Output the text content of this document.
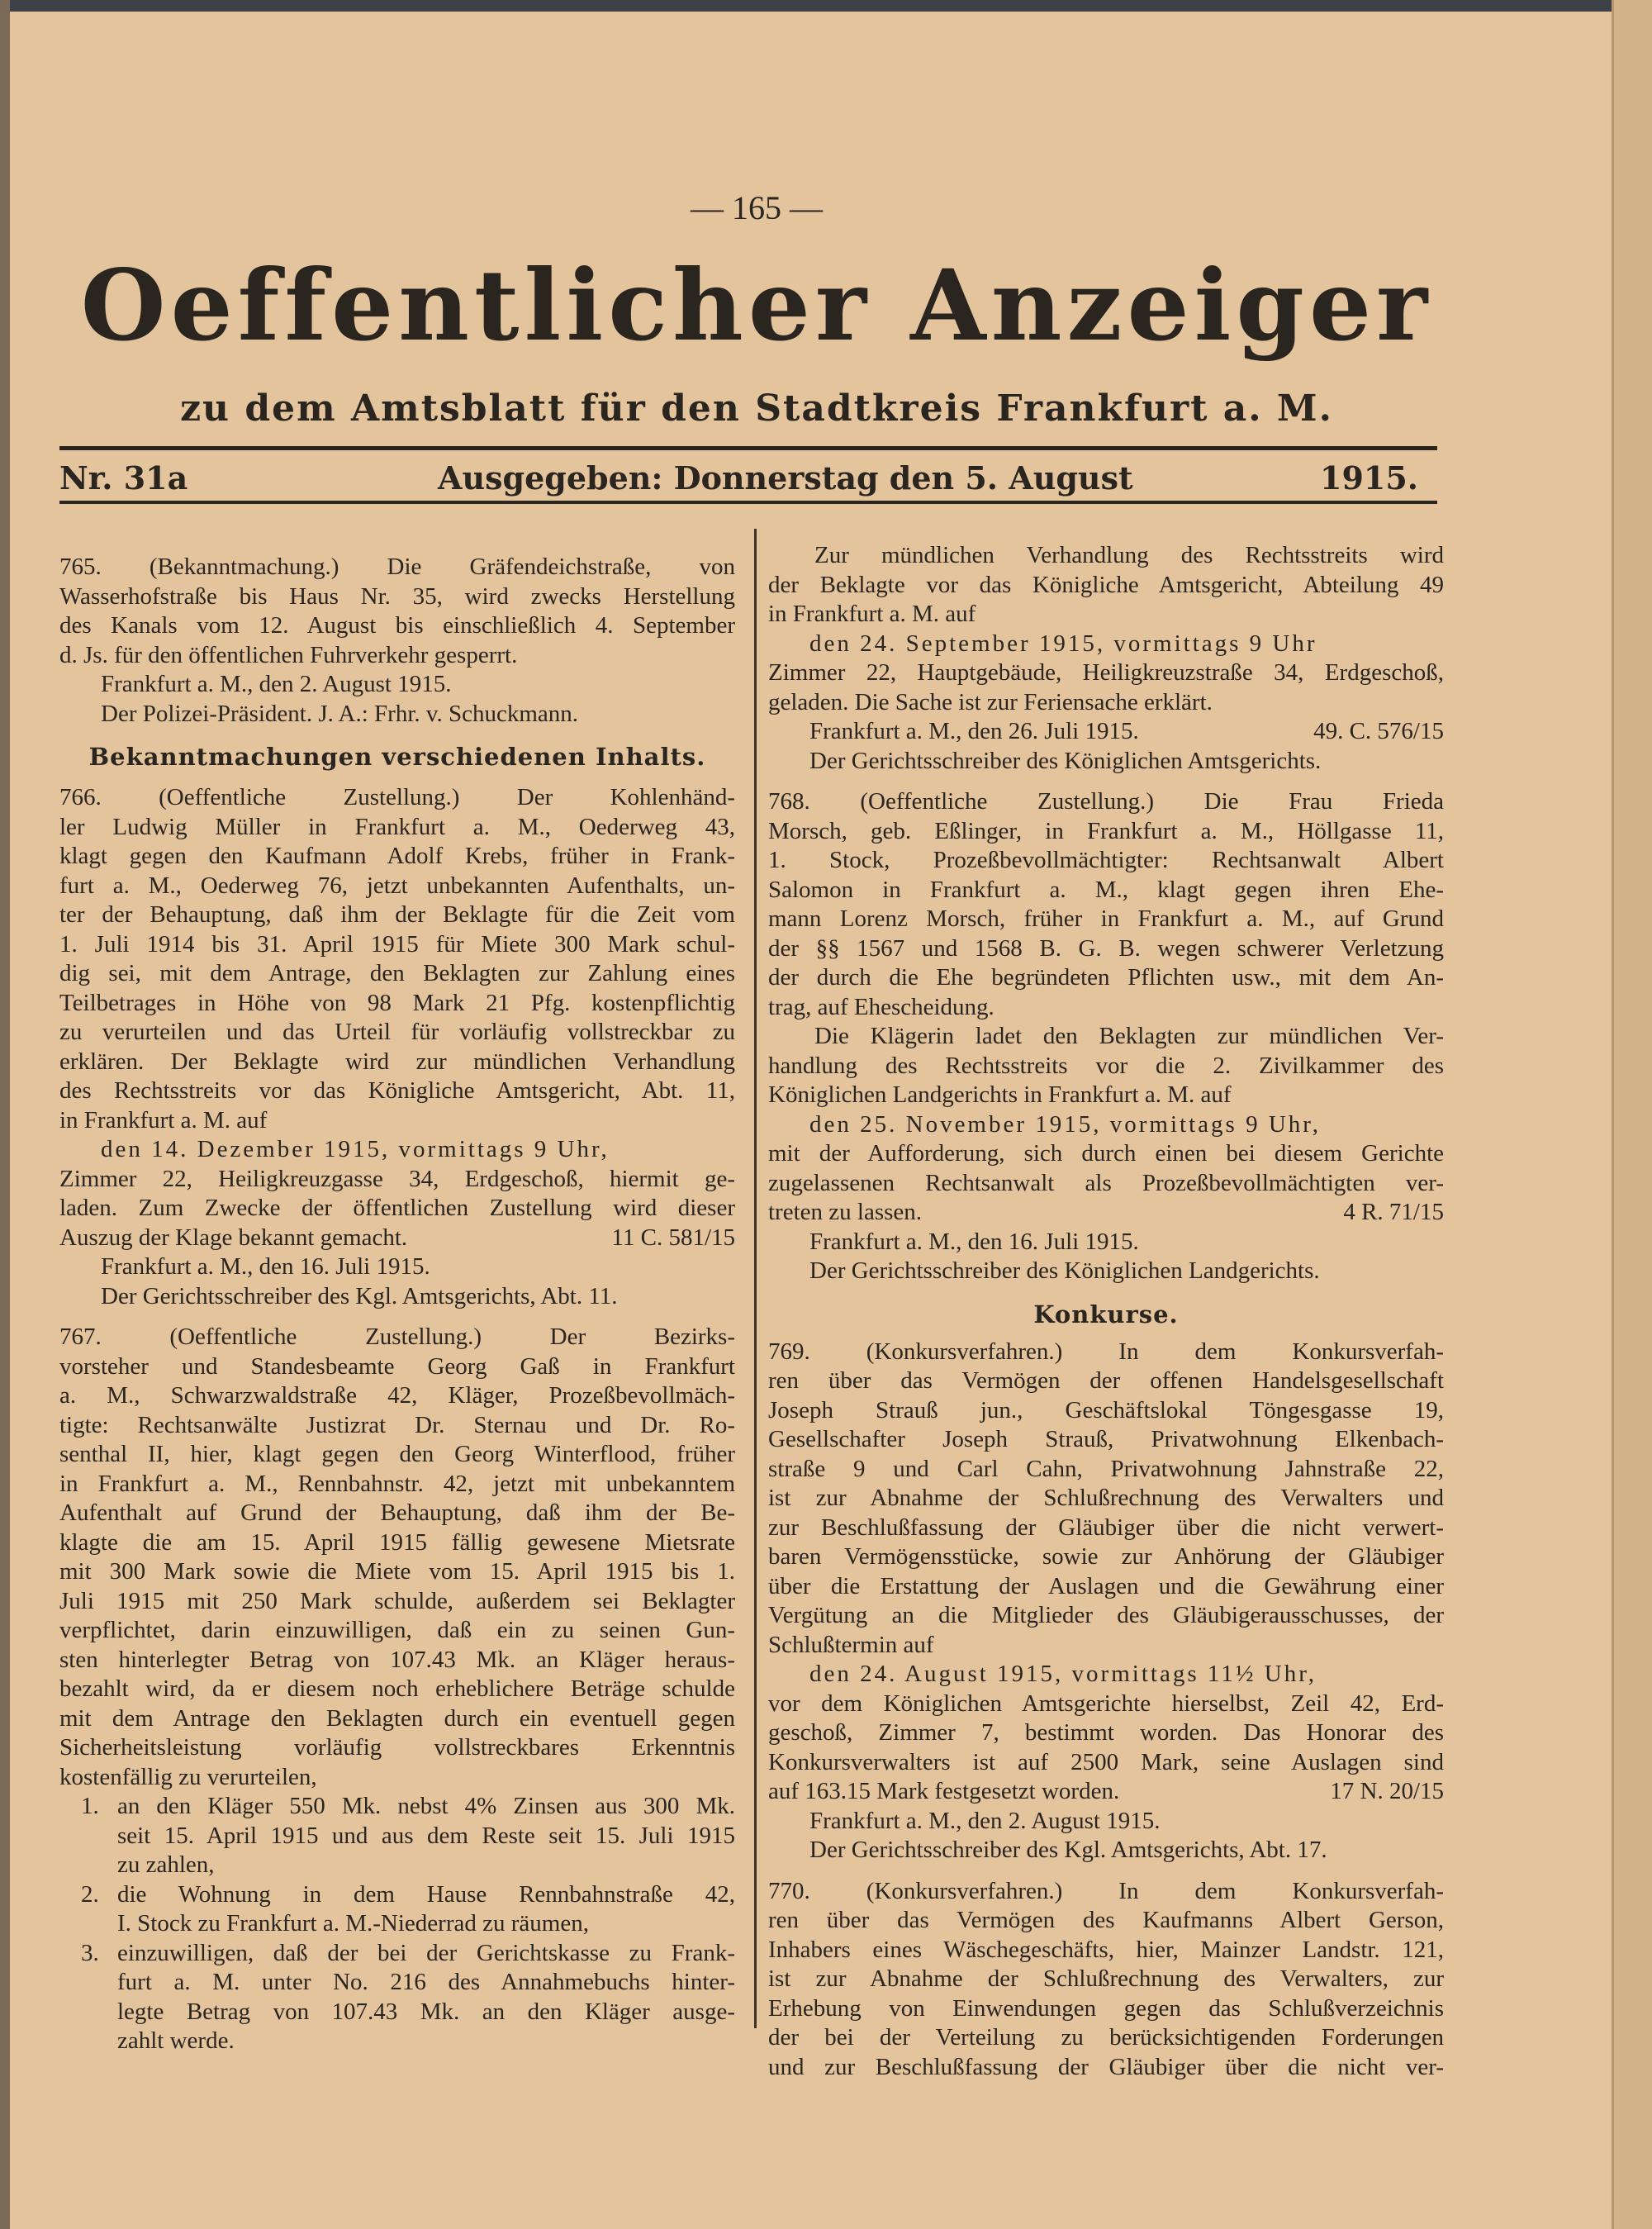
— 165 —
Oeffentlicher Anzeiger
zu dem Amtsblatt für den Stadtkreis Frankfurt a. M.
Nr. 31a	Ausgegeben: Donnerstag den 5. August	1915.
765. (Bekanntmachung.) Die Gräfendeichstraße, von
Wasserhofstraße bis Haus Nr. 35, wird zwecks Herstellung
des Kanals vom 12. August bis einschließlich 4. September
d. Js. für den öffentlichen Fuhrverkehr gesperrt.
Frankfurt a. M., den 2. August 1915.
Der Polizei-Präsident. J. A.: Frhr. v. Schuckmann.
Bekanntmachungen verschiedenen Inhalts.
766. (Oeffentliche Zustellung.) Der Kohlenhänd-
ler Ludwig Müller in Frankfurt a. M., Oederweg 43,
klagt gegen den Kaufmann Adolf Krebs, früher in Frank-
furt a. M., Oederweg 76, jetzt unbekannten Aufenthalts, un-
ter der Behauptung, daß ihm der Beklagte für die Zeit vom
1. Juli 1914 bis 31. April 1915 für Miete 300 Mark schul-
dig sei, mit dem Antrage, den Beklagten zur Zahlung eines
Teilbetrages in Höhe von 98 Mark 21 Pfg. kostenpflichtig
zu verurteilen und das Urteil für vorläufig vollstreckbar zu
erklären. Der Beklagte wird zur mündlichen Verhandlung
des Rechtsstreits vor das Königliche Amtsgericht, Abt. 11,
in Frankfurt a. M. auf
den 14. Dezember 1915, vormittags 9 Uhr,
Zimmer 22, Heiligkreuzgasse 34, Erdgeschoß, hiermit ge-
laden. Zum Zwecke der öffentlichen Zustellung wird dieser
11 C. 581/15
Auszug der Klage bekannt gemacht.
Frankfurt a. M., den 16. Juli 1915.
Der Gerichtsschreiber des Kgl. Amtsgerichts, Abt. 11.
767. (Oeffentliche Zustellung.) Der Bezirks-
vorsteher und Standesbeamte Georg Gaß in Frankfurt
a. M., Schwarzwaldstraße 42, Kläger, Prozeßbevollmäch-
tigte: Rechtsanwälte Justizrat Dr. Sternau und Dr. Ro-
senthal II, hier, klagt gegen den Georg Winterflood, früher
in Frankfurt a. M., Rennbahnstr. 42, jetzt mit unbekanntem
Aufenthalt auf Grund der Behauptung, daß ihm der Be-
klagte die am 15. April 1915 fällig gewesene Mietsrate
mit 300 Mark sowie die Miete vom 15. April 1915 bis 1.
Juli 1915 mit 250 Mark schulde, außerdem sei Beklagter
verpflichtet, darin einzuwilligen, daß ein zu seinen Gun-
sten hinterlegter Betrag von 107.43 Mk. an Kläger heraus-
bezahlt wird, da er diesem noch erheblichere Beträge schulde
mit dem Antrage den Beklagten durch ein eventuell gegen
Sicherheitsleistung vorläufig vollstreckbares Erkenntnis
kostenfällig zu verurteilen,
1. an den Kläger 550 Mk. nebst 4% Zinsen aus 300 Mk.
seit 15. April 1915 und aus dem Reste seit 15. Juli 1915
zu zahlen,
2. die Wohnung in dem Hause Rennbahnstraße 42,
I. Stock zu Frankfurt a. M.-Niederrad zu räumen,
3. einzuwilligen, daß der bei der Gerichtskasse zu Frank-
furt a. M. unter No. 216 des Annahmebuchs hinter-
legte Betrag von 107.43 Mk. an den Kläger ausge-
zahlt werde.
Zur mündlichen Verhandlung des Rechtsstreits wird
der Beklagte vor das Königliche Amtsgericht, Abteilung 49
in Frankfurt a. M. auf
den 24. September 1915, vormittags 9 Uhr
Zimmer 22, Hauptgebäude, Heiligkreuzstraße 34, Erdgeschoß,
geladen. Die Sache ist zur Feriensache erklärt.
49. C. 576/15
Frankfurt a. M., den 26. Juli 1915.
Der Gerichtsschreiber des Königlichen Amtsgerichts.
768. (Oeffentliche Zustellung.) Die Frau Frieda
Morsch, geb. Eßlinger, in Frankfurt a. M., Höllgasse 11,
1. Stock, Prozeßbevollmächtigter: Rechtsanwalt Albert
Salomon in Frankfurt a. M., klagt gegen ihren Ehe-
mann Lorenz Morsch, früher in Frankfurt a. M., auf Grund
der §§ 1567 und 1568 B. G. B. wegen schwerer Verletzung
der durch die Ehe begründeten Pflichten usw., mit dem An-
trag, auf Ehescheidung.
Die Klägerin ladet den Beklagten zur mündlichen Ver-
handlung des Rechtsstreits vor die 2. Zivilkammer des
Königlichen Landgerichts in Frankfurt a. M. auf
den 25. November 1915, vormittags 9 Uhr,
mit der Aufforderung, sich durch einen bei diesem Gerichte
zugelassenen Rechtsanwalt als Prozeßbevollmächtigten ver-
4 R. 71/15
treten zu lassen.
Frankfurt a. M., den 16. Juli 1915.
Der Gerichtsschreiber des Königlichen Landgerichts.
Konkurse.
769. (Konkursverfahren.) In dem Konkursverfah-
ren über das Vermögen der offenen Handelsgesellschaft
Joseph Strauß jun., Geschäftslokal Töngesgasse 19,
Gesellschafter Joseph Strauß, Privatwohnung Elkenbach-
straße 9 und Carl Cahn, Privatwohnung Jahnstraße 22,
ist zur Abnahme der Schlußrechnung des Verwalters und
zur Beschlußfassung der Gläubiger über die nicht verwert-
baren Vermögensstücke, sowie zur Anhörung der Gläubiger
über die Erstattung der Auslagen und die Gewährung einer
Vergütung an die Mitglieder des Gläubigerausschusses, der
Schlußtermin auf
den 24. August 1915, vormittags 11½ Uhr,
vor dem Königlichen Amtsgerichte hierselbst, Zeil 42, Erd-
geschoß, Zimmer 7, bestimmt worden. Das Honorar des
Konkursverwalters ist auf 2500 Mark, seine Auslagen sind
17 N. 20/15
auf 163.15 Mark festgesetzt worden.
Frankfurt a. M., den 2. August 1915.
Der Gerichtsschreiber des Kgl. Amtsgerichts, Abt. 17.
770. (Konkursverfahren.) In dem Konkursverfah-
ren über das Vermögen des Kaufmanns Albert Gerson,
Inhabers eines Wäschegeschäfts, hier, Mainzer Landstr. 121,
ist zur Abnahme der Schlußrechnung des Verwalters, zur
Erhebung von Einwendungen gegen das Schlußverzeichnis
der bei der Verteilung zu berücksichtigenden Forderungen
und zur Beschlußfassung der Gläubiger über die nicht ver-
